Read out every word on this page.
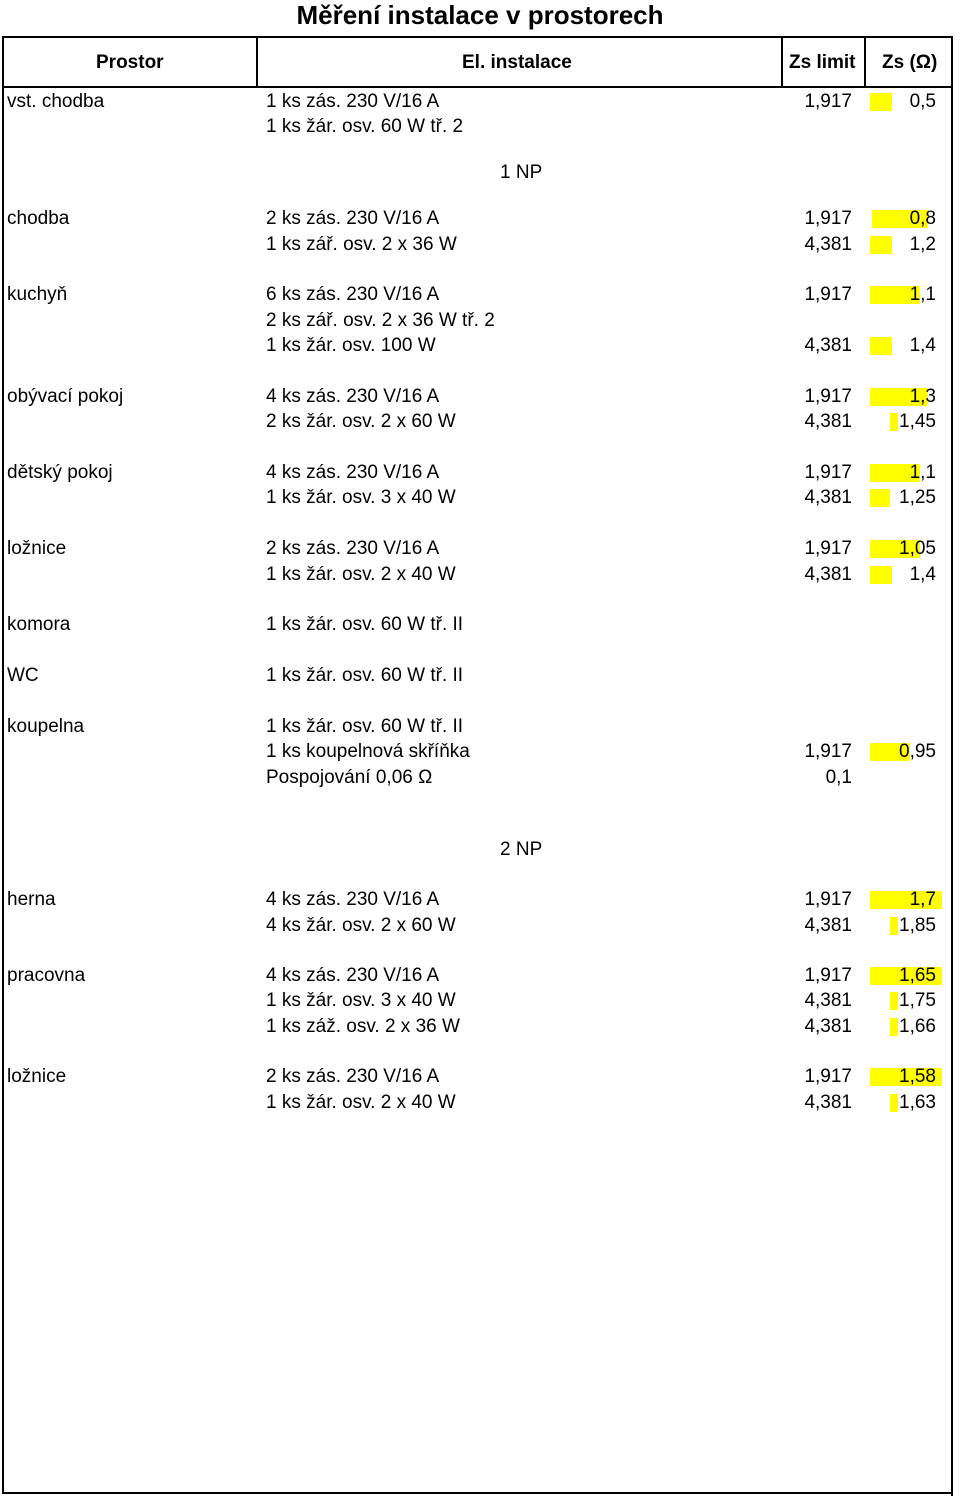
Měření instalace v prostorech
Prostor	El. instalace	Zs limit Zs (Ω)
1 NP
2 NP
vst. chodba	1 ks zás. 230 V/16 A	1,917	0,5
1 ks žár. osv. 60 W tř. 2
chodba	2 ks zás. 230 V/16 A	1,917	0,8
1 ks zář. osv. 2 x 36 W	4,381	1,2
kuchyň	6 ks zás. 230 V/16 A	1,917	1,1
2 ks zář. osv. 2 x 36 W tř. 2
1 ks žár. osv. 100 W	4,381	1,4
obývací pokoj	4 ks zás. 230 V/16 A	1,917	1,3
2 ks žár. osv. 2 x 60 W	4,381 1,45
dětský pokoj	4 ks zás. 230 V/16 A	1,917	1,1
1 ks žár. osv. 3 x 40 W	4,381 1,25
ložnice	2 ks zás. 230 V/16 A	1,917 1,05
1 ks žár. osv. 2 x 40 W	4,381	1,4
komora	1 ks žár. osv. 60 W tř. II
WC	1 ks žár. osv. 60 W tř. II
koupelna	1 ks žár. osv. 60 W tř. II
1 ks koupelnová skříňka	1,917 0,95
Pospojování 0,06 Ω	0,1
herna	4 ks zás. 230 V/16 A	1,917	1,7
4 ks žár. osv. 2 x 60 W	4,381 1,85
pracovna	4 ks zás. 230 V/16 A	1,917 1,65
1 ks žár. osv. 3 x 40 W	4,381 1,75
1 ks záž. osv. 2 x 36 W	4,381 1,66
ložnice	2 ks zás. 230 V/16 A	1,917 1,58
1 ks žár. osv. 2 x 40 W	4,381 1,63
